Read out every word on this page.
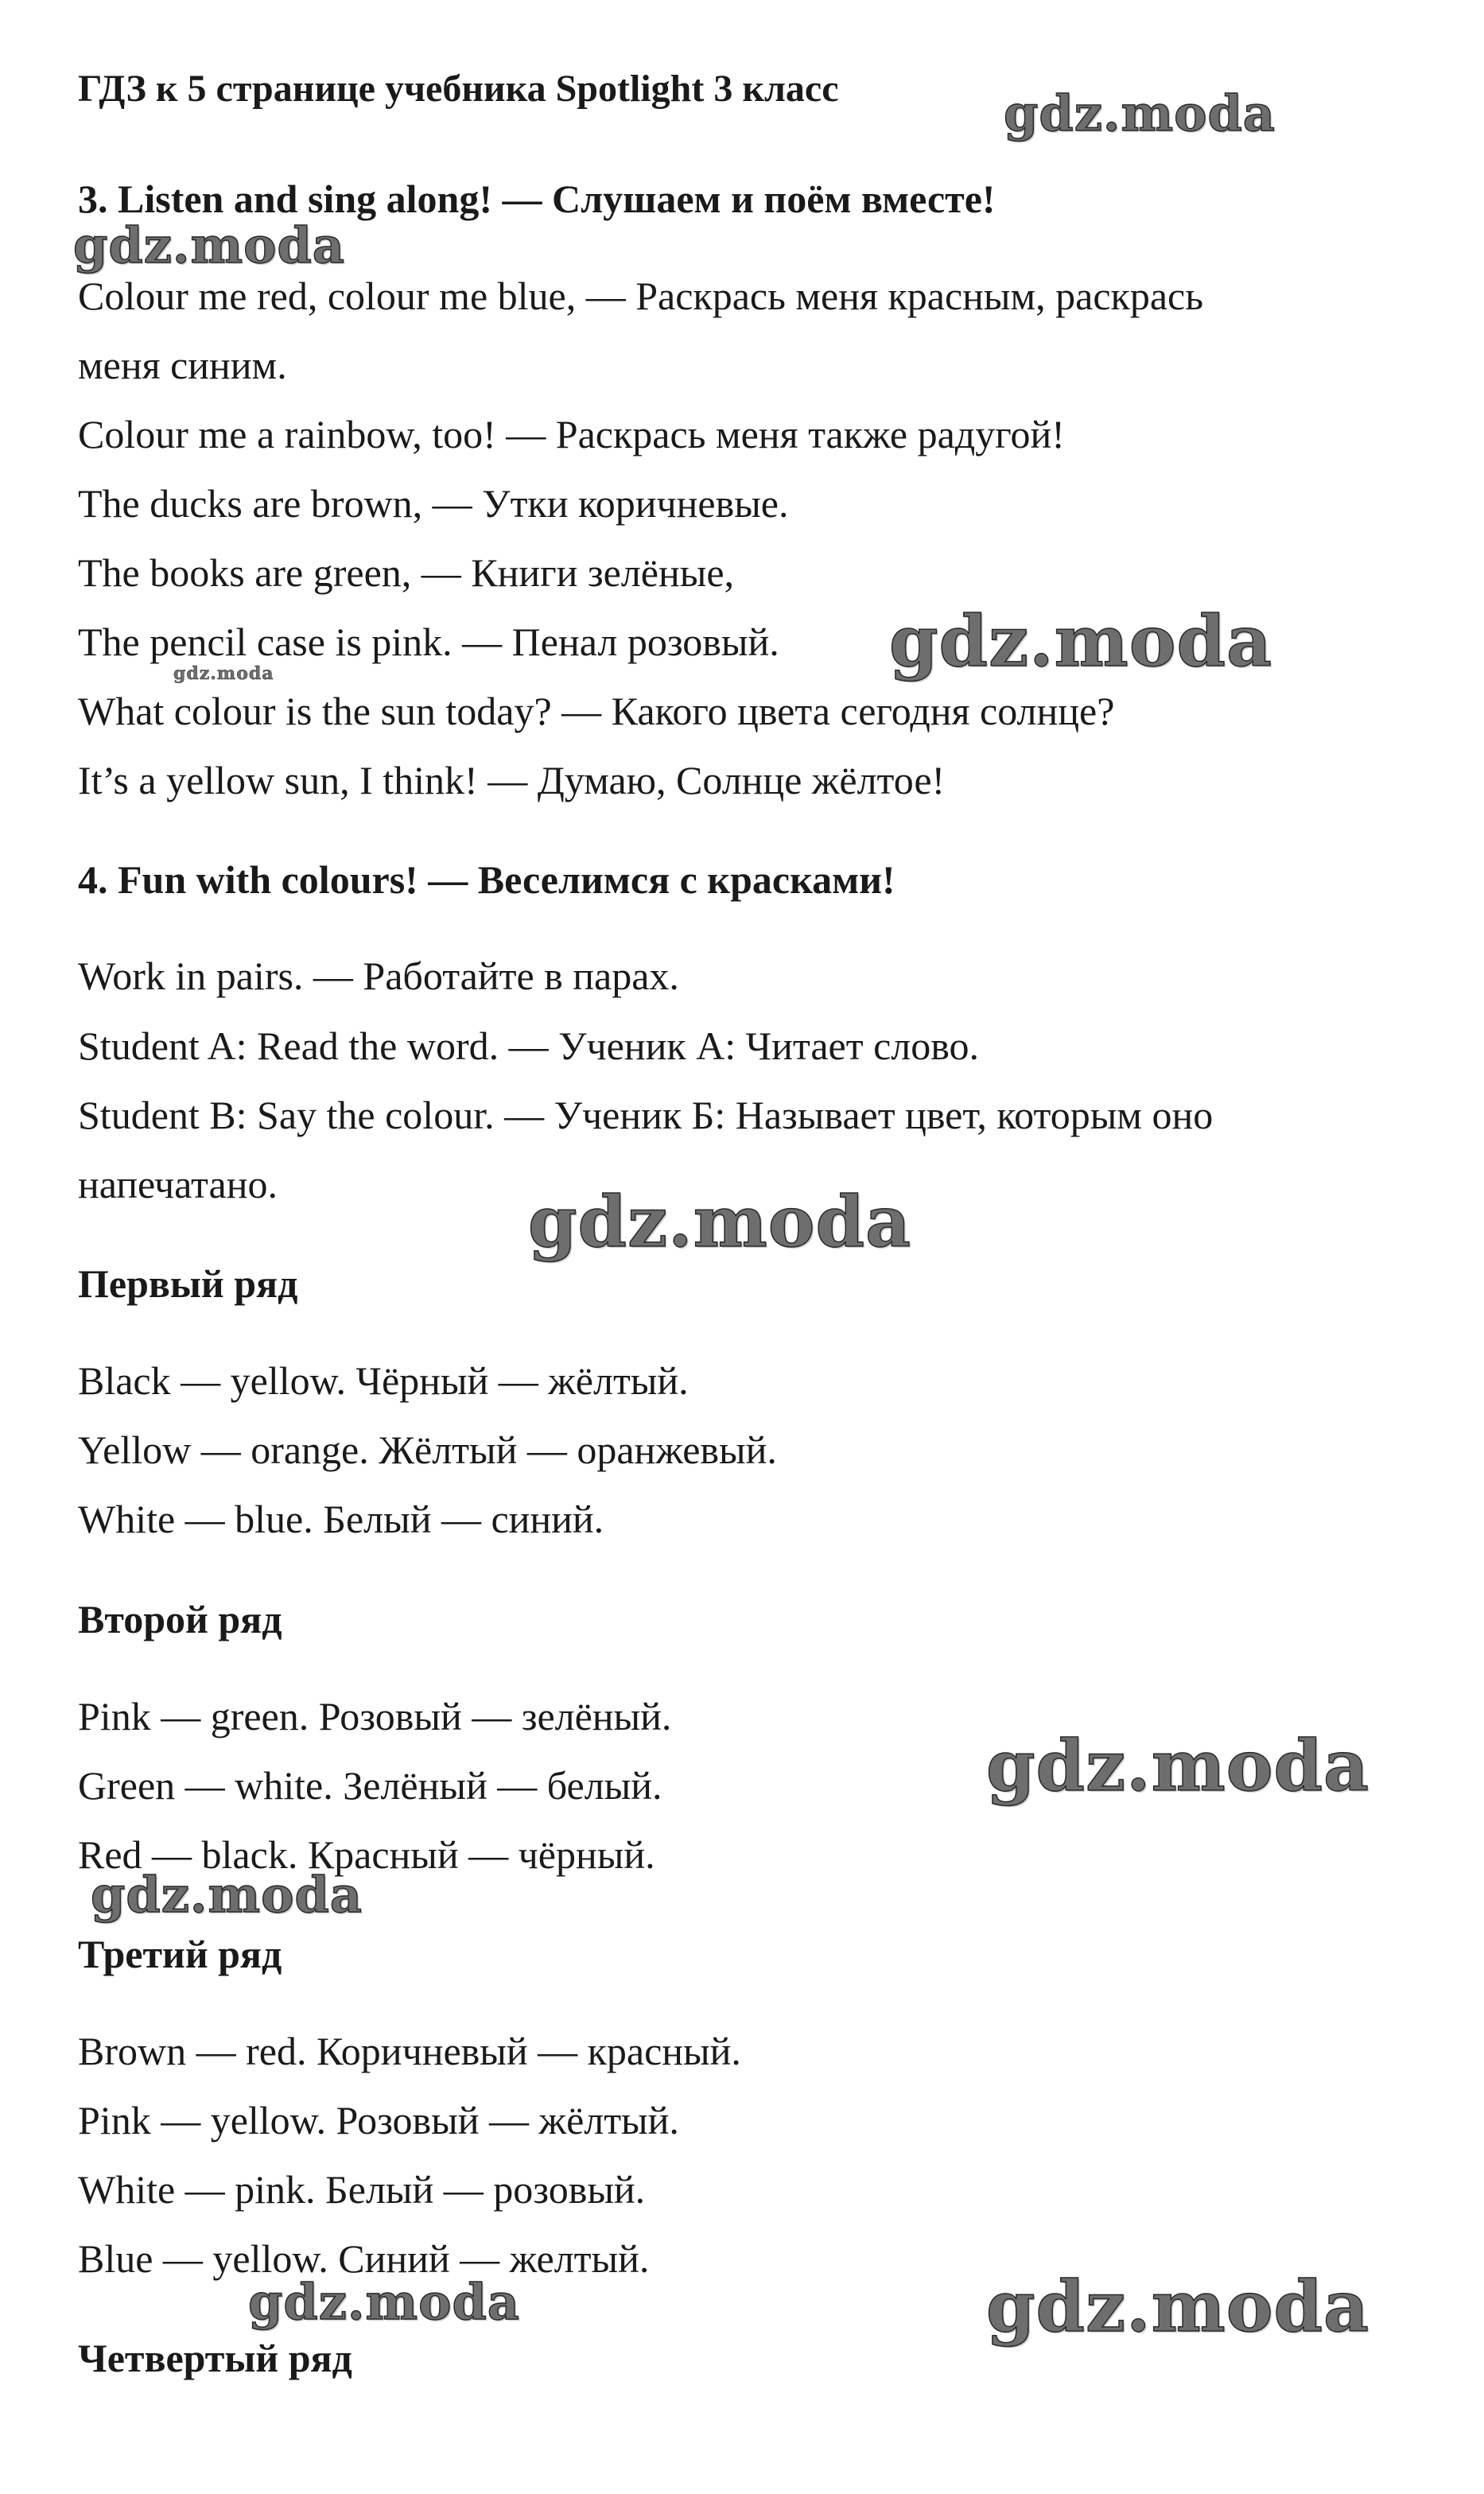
ГДЗ к 5 странице учебника Spotlight 3 класс

3. Listen and sing along! — Слушаем и поём вместе!

Colour me red, colour me blue, — Раскрась меня красным, раскрась

меня синим.

Colour me a rainbow, too! — Раскрась меня также радугой!

The ducks are brown, — Утки коричневые.

The books are green, — Книги зелёные,

The pencil case is pink. — Пенал розовый.

What colour is the sun today? — Какого цвета сегодня солнце?

It’s a yellow sun, I think! — Думаю, Солнце жёлтое!

4. Fun with colours! — Веселимся с красками!

Work in pairs. — Работайте в парах.

Student A: Read the word. — Ученик А: Читает слово.

Student B: Say the colour. — Ученик Б: Называет цвет, которым оно

напечатано.

Первый ряд

Black — yellow. Чёрный — жёлтый.

Yellow — orange. Жёлтый — оранжевый.

White — blue. Белый — синий.

Второй ряд

Pink — green. Розовый — зелёный.

Green — white. Зелёный — белый.

Red — black. Красный — чёрный.

Третий ряд

Brown — red. Коричневый — красный.

Pink — yellow. Розовый — жёлтый.

White — pink. Белый — розовый.

Blue — yellow. Синий — желтый.

Четвертый ряд

gdz.moda
gdz.moda
gdz.moda
gdz.moda
gdz.moda
gdz.moda
gdz.moda
gdz.moda	gdz.moda
